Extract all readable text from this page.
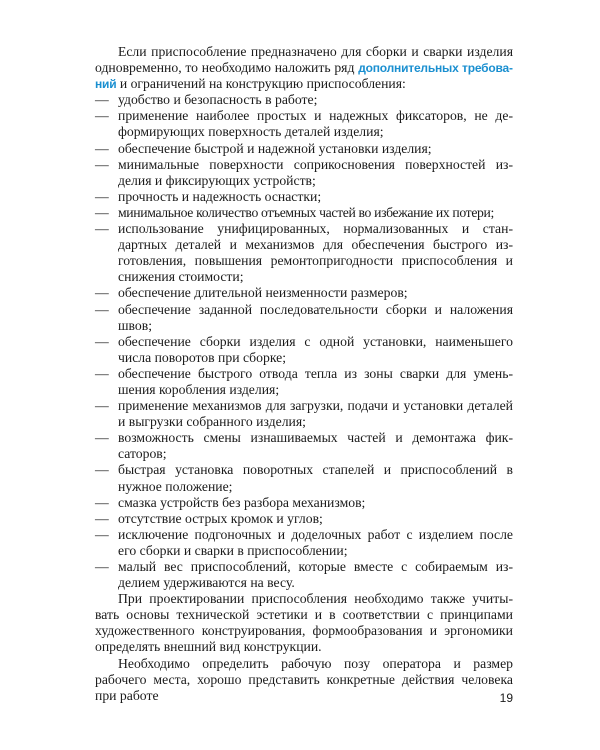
Если приспособление предназначено для сборки и сварки изделия одновременно, то необходимо наложить ряд дополнительных требований и ограничений на конструкцию приспособления:

— удобство и безопасность в работе;
— применение наиболее простых и надежных фиксаторов, не деформирующих поверхность деталей изделия;
— обеспечение быстрой и надежной установки изделия;
— минимальные поверхности соприкосновения поверхностей изделия и фиксирующих устройств;
— прочность и надежность оснастки;
— минимальное количество отъемных частей во избежание их потери;
— использование унифицированных, нормализованных и стандартных деталей и механизмов для обеспечения быстрого изготовления, повышения ремонтопригодности приспособления и снижения стоимости;
— обеспечение длительной неизменности размеров;
— обеспечение заданной последовательности сборки и наложения швов;
— обеспечение сборки изделия с одной установки, наименьшего числа поворотов при сборке;
— обеспечение быстрого отвода тепла из зоны сварки для уменьшения коробления изделия;
— применение механизмов для загрузки, подачи и установки деталей и выгрузки собранного изделия;
— возможность смены изнашиваемых частей и демонтажа фиксаторов;
— быстрая установка поворотных стапелей и приспособлений в нужное положение;
— смазка устройств без разбора механизмов;
— отсутствие острых кромок и углов;
— исключение подгоночных и доделочных работ с изделием после его сборки и сварки в приспособлении;
— малый вес приспособлений, которые вместе с собираемым изделием удерживаются на весу.

При проектировании приспособления необходимо также учитывать основы технической эстетики и в соответствии с принципами художественного конструирования, формообразования и эргономики определять внешний вид конструкции.

Необходимо определить рабочую позу оператора и размер рабочего места, хорошо представить конкретные действия человека при работе	19
